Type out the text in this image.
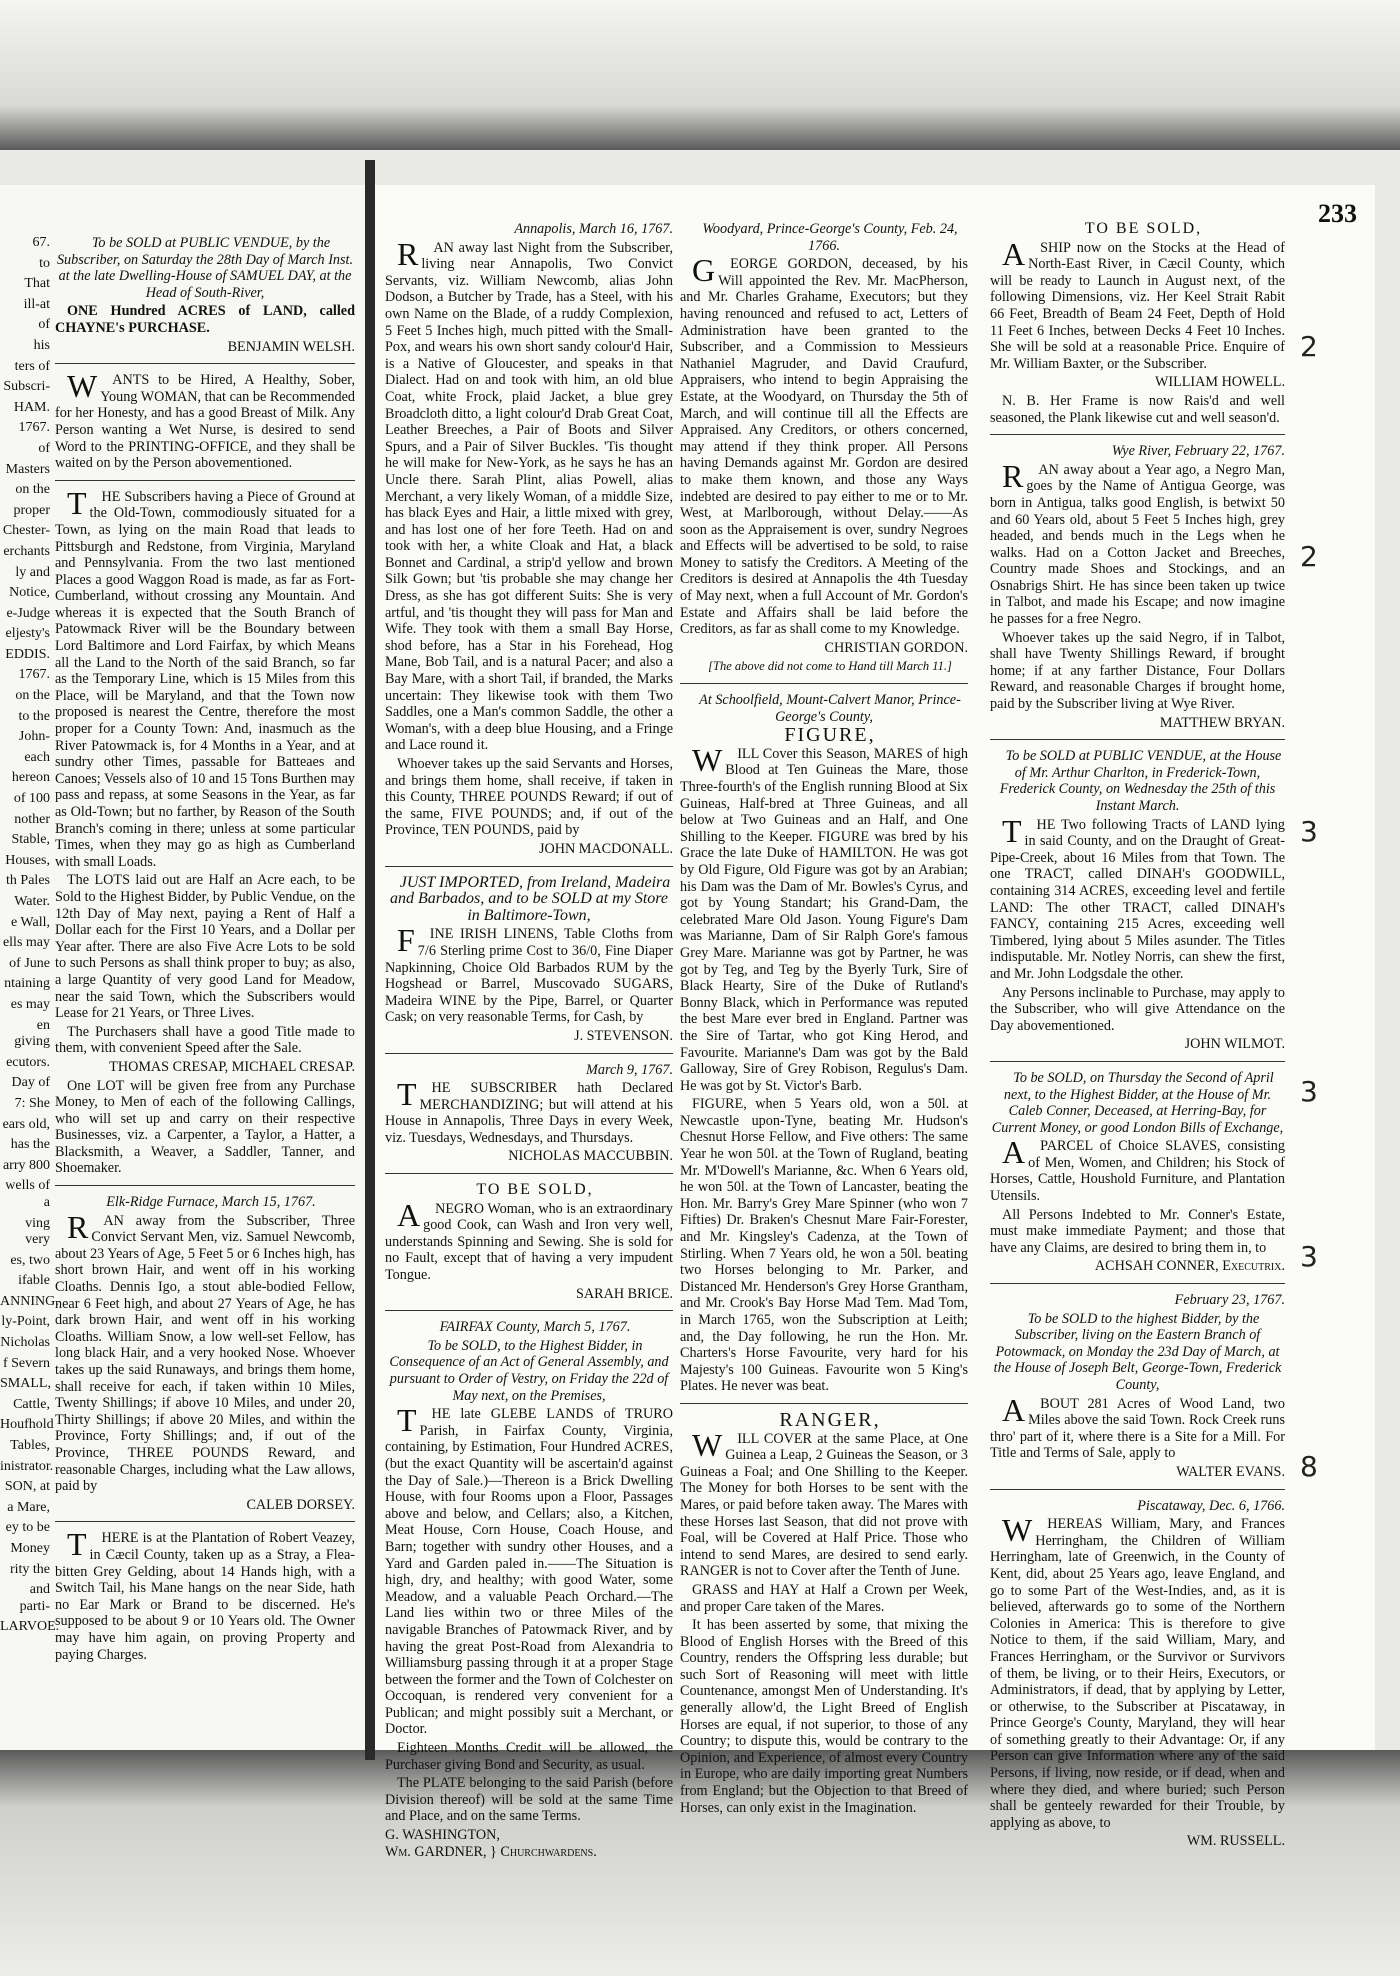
67.
to
That
ill-at
of
his
ters of
Subscri-
HAM.
1767.
of
Masters
on the
proper
Chester-
erchants
ly and
Notice,
e-Judge
eljesty's
EDDIS.
1767.
on the
to the
John-
each
hereon
of 100
nother
Stable,
Houses,
th Pales
Water.
e Wall,
ells may
of June
ntaining
es may
en giving
ecutors.
Day of
7: She
ears old,
has the
arry 800
wells of a
ving very
es, two
ifable
ANNING.
ly-Point,
Nicholas
f Severn
SMALL,
Cattle,
Houfhold
Tables,
inistrator.
SON, at
a Mare,
ey to be
Money
rity the
and parti-
LARVOE.

To be SOLD at PUBLIC VENDUE, by the Subscriber, on Saturday the 28th Day of March Inst. at the late Dwelling-House of SAMUEL DAY, at the Head of South-River,

ONE Hundred ACRES of LAND, called CHAYNE's PURCHASE.

BENJAMIN WELSH.

WANTS to be Hired, A Healthy, Sober, Young WOMAN, that can be Recommended for her Honesty, and has a good Breast of Milk. Any Person wanting a Wet Nurse, is desired to send Word to the PRINTING-OFFICE, and they shall be waited on by the Person abovementioned.

THE Subscribers having a Piece of Ground at the Old-Town, commodiously situated for a Town, as lying on the main Road that leads to Pittsburgh and Redstone, from Virginia, Maryland and Pennsylvania. From the two last mentioned Places a good Waggon Road is made, as far as Fort-Cumberland, without crossing any Mountain. And whereas it is expected that the South Branch of Patowmack River will be the Boundary between Lord Baltimore and Lord Fairfax, by which Means all the Land to the North of the said Branch, so far as the Temporary Line, which is 15 Miles from this Place, will be Maryland, and that the Town now proposed is nearest the Centre, therefore the most proper for a County Town: And, inasmuch as the River Patowmack is, for 4 Months in a Year, and at sundry other Times, passable for Batteaes and Canoes; Vessels also of 10 and 15 Tons Burthen may pass and repass, at some Seasons in the Year, as far as Old-Town; but no farther, by Reason of the South Branch's coming in there; unless at some particular Times, when they may go as high as Cumberland with small Loads.

The LOTS laid out are Half an Acre each, to be Sold to the Highest Bidder, by Public Vendue, on the 12th Day of May next, paying a Rent of Half a Dollar each for the First 10 Years, and a Dollar per Year after. There are also Five Acre Lots to be sold to such Persons as shall think proper to buy; as also, a large Quantity of very good Land for Meadow, near the said Town, which the Subscribers would Lease for 21 Years, or Three Lives.

The Purchasers shall have a good Title made to them, with convenient Speed after the Sale.

THOMAS CRESAP, MICHAEL CRESAP.

One LOT will be given free from any Purchase Money, to Men of each of the following Callings, who will set up and carry on their respective Businesses, viz. a Carpenter, a Taylor, a Hatter, a Blacksmith, a Weaver, a Saddler, Tanner, and Shoemaker.

Elk-Ridge Furnace, March 15, 1767.

RAN away from the Subscriber, Three Convict Servant Men, viz. Samuel Newcomb, about 23 Years of Age, 5 Feet 5 or 6 Inches high, has short brown Hair, and went off in his working Cloaths. Dennis Igo, a stout able-bodied Fellow, near 6 Feet high, and about 27 Years of Age, he has dark brown Hair, and went off in his working Cloaths. William Snow, a low well-set Fellow, has long black Hair, and a very hooked Nose. Whoever takes up the said Runaways, and brings them home, shall receive for each, if taken within 10 Miles, Twenty Shillings; if above 10 Miles, and under 20, Thirty Shillings; if above 20 Miles, and within the Province, Forty Shillings; and, if out of the Province, THREE POUNDS Reward, and reasonable Charges, including what the Law allows, paid by

CALEB DORSEY.

THERE is at the Plantation of Robert Veazey, in Cæcil County, taken up as a Stray, a Flea-bitten Grey Gelding, about 14 Hands high, with a Switch Tail, his Mane hangs on the near Side, hath no Ear Mark or Brand to be discerned. He's supposed to be about 9 or 10 Years old. The Owner may have him again, on proving Property and paying Charges.

233

Annapolis, March 16, 1767.

RAN away last Night from the Subscriber, living near Annapolis, Two Convict Servants, viz. William Newcomb, alias John Dodson, a Butcher by Trade, has a Steel, with his own Name on the Blade, of a ruddy Complexion, 5 Feet 5 Inches high, much pitted with the Small-Pox, and wears his own short sandy colour'd Hair, is a Native of Gloucester, and speaks in that Dialect. Had on and took with him, an old blue Coat, white Frock, plaid Jacket, a blue grey Broadcloth ditto, a light colour'd Drab Great Coat, Leather Breeches, a Pair of Boots and Silver Spurs, and a Pair of Silver Buckles. 'Tis thought he will make for New-York, as he says he has an Uncle there. Sarah Plint, alias Powell, alias Merchant, a very likely Woman, of a middle Size, has black Eyes and Hair, a little mixed with grey, and has lost one of her fore Teeth. Had on and took with her, a white Cloak and Hat, a black Bonnet and Cardinal, a strip'd yellow and brown Silk Gown; but 'tis probable she may change her Dress, as she has got different Suits: She is very artful, and 'tis thought they will pass for Man and Wife. They took with them a small Bay Horse, shod before, has a Star in his Forehead, Hog Mane, Bob Tail, and is a natural Pacer; and also a Bay Mare, with a short Tail, if branded, the Marks uncertain: They likewise took with them Two Saddles, one a Man's common Saddle, the other a Woman's, with a deep blue Housing, and a Fringe and Lace round it.

Whoever takes up the said Servants and Horses, and brings them home, shall receive, if taken in this County, THREE POUNDS Reward; if out of the same, FIVE POUNDS; and, if out of the Province, TEN POUNDS, paid by

JOHN MACDONALL.

JUST IMPORTED, from Ireland, Madeira and Barbados, and to be SOLD at my Store in Baltimore-Town,

FINE IRISH LINENS, Table Cloths from 7/6 Sterling prime Cost to 36/0, Fine Diaper Napkinning, Choice Old Barbados RUM by the Hogshead or Barrel, Muscovado SUGARS, Madeira WINE by the Pipe, Barrel, or Quarter Cask; on very reasonable Terms, for Cash, by

J. STEVENSON.

March 9, 1767.

THE SUBSCRIBER hath Declared MERCHANDIZING; but will attend at his House in Annapolis, Three Days in every Week, viz. Tuesdays, Wednesdays, and Thursdays.

NICHOLAS MACCUBBIN.

TO BE SOLD,

ANEGRO Woman, who is an extraordinary good Cook, can Wash and Iron very well, understands Spinning and Sewing. She is sold for no Fault, except that of having a very impudent Tongue.

SARAH BRICE.

FAIRFAX County, March 5, 1767.

To be SOLD, to the Highest Bidder, in Consequence of an Act of General Assembly, and pursuant to Order of Vestry, on Friday the 22d of May next, on the Premises,

THE late GLEBE LANDS of TRURO Parish, in Fairfax County, Virginia, containing, by Estimation, Four Hundred ACRES, (but the exact Quantity will be ascertain'd against the Day of Sale.)—Thereon is a Brick Dwelling House, with four Rooms upon a Floor, Passages above and below, and Cellars; also, a Kitchen, Meat House, Corn House, Coach House, and Barn; together with sundry other Houses, and a Yard and Garden paled in.——The Situation is high, dry, and healthy; with good Water, some Meadow, and a valuable Peach Orchard.—The Land lies within two or three Miles of the navigable Branches of Patowmack River, and by having the great Post-Road from Alexandria to Williamsburg passing through it at a proper Stage between the former and the Town of Colchester on Occoquan, is rendered very convenient for a Publican; and might possibly suit a Merchant, or Doctor.

Eighteen Months Credit will be allowed, the Purchaser giving Bond and Security, as usual.

The PLATE belonging to the said Parish (before Division thereof) will be sold at the same Time and Place, and on the same Terms.

G. WASHINGTON,
Wm. GARDNER, } Churchwardens.

Woodyard, Prince-George's County, Feb. 24, 1766.

GEORGE GORDON, deceased, by his Will appointed the Rev. Mr. MacPherson, and Mr. Charles Grahame, Executors; but they having renounced and refused to act, Letters of Administration have been granted to the Subscriber, and a Commission to Messieurs Nathaniel Magruder, and David Craufurd, Appraisers, who intend to begin Appraising the Estate, at the Woodyard, on Thursday the 5th of March, and will continue till all the Effects are Appraised. Any Creditors, or others concerned, may attend if they think proper. All Persons having Demands against Mr. Gordon are desired to make them known, and those any Ways indebted are desired to pay either to me or to Mr. West, at Marlborough, without Delay.——As soon as the Appraisement is over, sundry Negroes and Effects will be advertised to be sold, to raise Money to satisfy the Creditors. A Meeting of the Creditors is desired at Annapolis the 4th Tuesday of May next, when a full Account of Mr. Gordon's Estate and Affairs shall be laid before the Creditors, as far as shall come to my Knowledge.

CHRISTIAN GORDON.

[The above did not come to Hand till March 11.]

At Schoolfield, Mount-Calvert Manor, Prince-George's County,

FIGURE,

WILL Cover this Season, MARES of high Blood at Ten Guineas the Mare, those Three-fourth's of the English running Blood at Six Guineas, Half-bred at Three Guineas, and all below at Two Guineas and an Half, and One Shilling to the Keeper. FIGURE was bred by his Grace the late Duke of HAMILTON. He was got by Old Figure, Old Figure was got by an Arabian; his Dam was the Dam of Mr. Bowles's Cyrus, and got by Young Standart; his Grand-Dam, the celebrated Mare Old Jason. Young Figure's Dam was Marianne, Dam of Sir Ralph Gore's famous Grey Mare. Marianne was got by Partner, he was got by Teg, and Teg by the Byerly Turk, Sire of Black Hearty, Sire of the Duke of Rutland's Bonny Black, which in Performance was reputed the best Mare ever bred in England. Partner was the Sire of Tartar, who got King Herod, and Favourite. Marianne's Dam was got by the Bald Galloway, Sire of Grey Robison, Regulus's Dam. He was got by St. Victor's Barb.

FIGURE, when 5 Years old, won a 50l. at Newcastle upon-Tyne, beating Mr. Hudson's Chesnut Horse Fellow, and Five others: The same Year he won 50l. at the Town of Rugland, beating Mr. M'Dowell's Marianne, &c. When 6 Years old, he won 50l. at the Town of Lancaster, beating the Hon. Mr. Barry's Grey Mare Spinner (who won 7 Fifties) Dr. Braken's Chesnut Mare Fair-Forester, and Mr. Kingsley's Cadenza, at the Town of Stirling. When 7 Years old, he won a 50l. beating two Horses belonging to Mr. Parker, and Distanced Mr. Henderson's Grey Horse Grantham, and Mr. Crook's Bay Horse Mad Tem. Mad Tom, in March 1765, won the Subscription at Leith; and, the Day following, he run the Hon. Mr. Charters's Horse Favourite, very hard for his Majesty's 100 Guineas. Favourite won 5 King's Plates. He never was beat.

RANGER,

WILL COVER at the same Place, at One Guinea a Leap, 2 Guineas the Season, or 3 Guineas a Foal; and One Shilling to the Keeper. The Money for both Horses to be sent with the Mares, or paid before taken away. The Mares with these Horses last Season, that did not prove with Foal, will be Covered at Half Price. Those who intend to send Mares, are desired to send early. RANGER is not to Cover after the Tenth of June.

GRASS and HAY at Half a Crown per Week, and proper Care taken of the Mares.

It has been asserted by some, that mixing the Blood of English Horses with the Breed of this Country, renders the Offspring less durable; but such Sort of Reasoning will meet with little Countenance, amongst Men of Understanding. It's generally allow'd, the Light Breed of English Horses are equal, if not superior, to those of any Country; to dispute this, would be contrary to the Opinion, and Experience, of almost every Country in Europe, who are daily importing great Numbers from England; but the Objection to that Breed of Horses, can only exist in the Imagination.

TO BE SOLD,

ASHIP now on the Stocks at the Head of North-East River, in Cæcil County, which will be ready to Launch in August next, of the following Dimensions, viz. Her Keel Strait Rabit 66 Feet, Breadth of Beam 24 Feet, Depth of Hold 11 Feet 6 Inches, between Decks 4 Feet 10 Inches. She will be sold at a reasonable Price. Enquire of Mr. William Baxter, or the Subscriber.

WILLIAM HOWELL.

N. B. Her Frame is now Rais'd and well seasoned, the Plank likewise cut and well season'd.

Wye River, February 22, 1767.

RAN away about a Year ago, a Negro Man, goes by the Name of Antigua George, was born in Antigua, talks good English, is betwixt 50 and 60 Years old, about 5 Feet 5 Inches high, grey headed, and bends much in the Legs when he walks. Had on a Cotton Jacket and Breeches, Country made Shoes and Stockings, and an Osnabrigs Shirt. He has since been taken up twice in Talbot, and made his Escape; and now imagine he passes for a free Negro.

Whoever takes up the said Negro, if in Talbot, shall have Twenty Shillings Reward, if brought home; if at any farther Distance, Four Dollars Reward, and reasonable Charges if brought home, paid by the Subscriber living at Wye River.

MATTHEW BRYAN.

To be SOLD at PUBLIC VENDUE, at the House of Mr. Arthur Charlton, in Frederick-Town, Frederick County, on Wednesday the 25th of this Instant March.

THE Two following Tracts of LAND lying in said County, and on the Draught of Great-Pipe-Creek, about 16 Miles from that Town. The one TRACT, called DINAH's GOODWILL, containing 314 ACRES, exceeding level and fertile LAND: The other TRACT, called DINAH's FANCY, containing 215 Acres, exceeding well Timbered, lying about 5 Miles asunder. The Titles indisputable. Mr. Notley Norris, can shew the first, and Mr. John Lodgsdale the other.

Any Persons inclinable to Purchase, may apply to the Subscriber, who will give Attendance on the Day abovementioned.

JOHN WILMOT.

To be SOLD, on Thursday the Second of April next, to the Highest Bidder, at the House of Mr. Caleb Conner, Deceased, at Herring-Bay, for Current Money, or good London Bills of Exchange,

APARCEL of Choice SLAVES, consisting of Men, Women, and Children; his Stock of Horses, Cattle, Houshold Furniture, and Plantation Utensils.

All Persons Indebted to Mr. Conner's Estate, must make immediate Payment; and those that have any Claims, are desired to bring them in, to

ACHSAH CONNER, Executrix.

February 23, 1767.

To be SOLD to the highest Bidder, by the Subscriber, living on the Eastern Branch of Potowmack, on Monday the 23d Day of March, at the House of Joseph Belt, George-Town, Frederick County,

ABOUT 281 Acres of Wood Land, two Miles above the said Town. Rock Creek runs thro' part of it, where there is a Site for a Mill. For Title and Terms of Sale, apply to

WALTER EVANS.

Piscataway, Dec. 6, 1766.

WHEREAS William, Mary, and Frances Herringham, the Children of William Herringham, late of Greenwich, in the County of Kent, did, about 25 Years ago, leave England, and go to some Part of the West-Indies, and, as it is believed, afterwards go to some of the Northern Colonies in America: This is therefore to give Notice to them, if the said William, Mary, and Frances Herringham, or the Survivor or Survivors of them, be living, or to their Heirs, Executors, or Administrators, if dead, that by applying by Letter, or otherwise, to the Subscriber at Piscataway, in Prince George's County, Maryland, they will hear of something greatly to their Advantage: Or, if any Person can give Information where any of the said Persons, if living, now reside, or if dead, when and where they died, and where buried; such Person shall be genteely rewarded for their Trouble, by applying as above, to

WM. RUSSELL.

2
2
3
3
3
8
